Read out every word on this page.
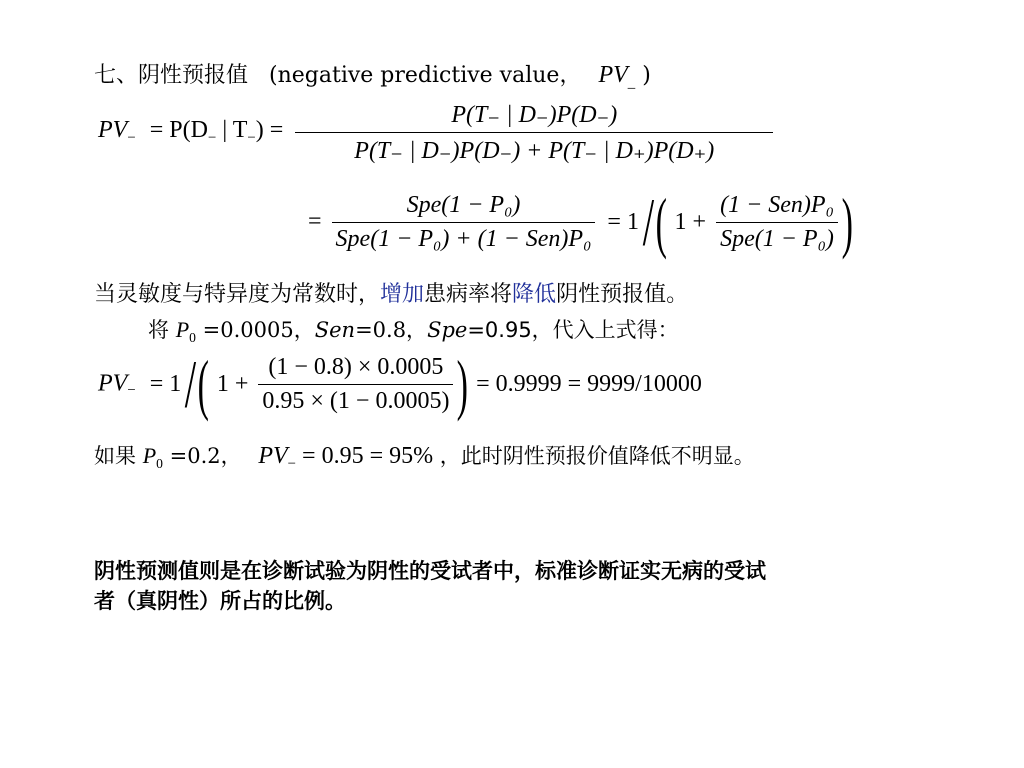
七、阴性预报值 (negative predictive value， $PV_{\_}$ )
$PV_- = P(D_-$ | $T_-) = \frac{P(T_- | D_-)P(D_-)}{P(T_- | D_-)P(D_-) + P(T_- | D_+)P(D_+)}$
= $\frac{\text{Spe(1 − P₀)}}{\text{Spe(1 − P₀) + (1 − Sen)P₀}} = 1$ / ( $1 + \frac{\text{(1 − Sen)P₀}}{\text{Spe(1 − P₀)}}$ )
当灵敏度与特异度为常数时，增加患病率将降低阴性预报值。
将 $P_0 =0.0005$，Sen=0.8，Spe=0.95，代入上式得：
$PV_- = 1$ / ( $1 + \frac{(1 - 0.8) \times 0.0005}{0.95 \times (1 - 0.0005)}$ ) = 0.9999 = 9999/10000
如果 $P_0 =0.2$， $PV_- = 0.95 = 95\%$ ，此时阴性预报价值降低不明显。
阴性预测值则是在诊断试验为阴性的受试者中，标准诊断证实无病的受试
者（真阴性）所占的比例。
